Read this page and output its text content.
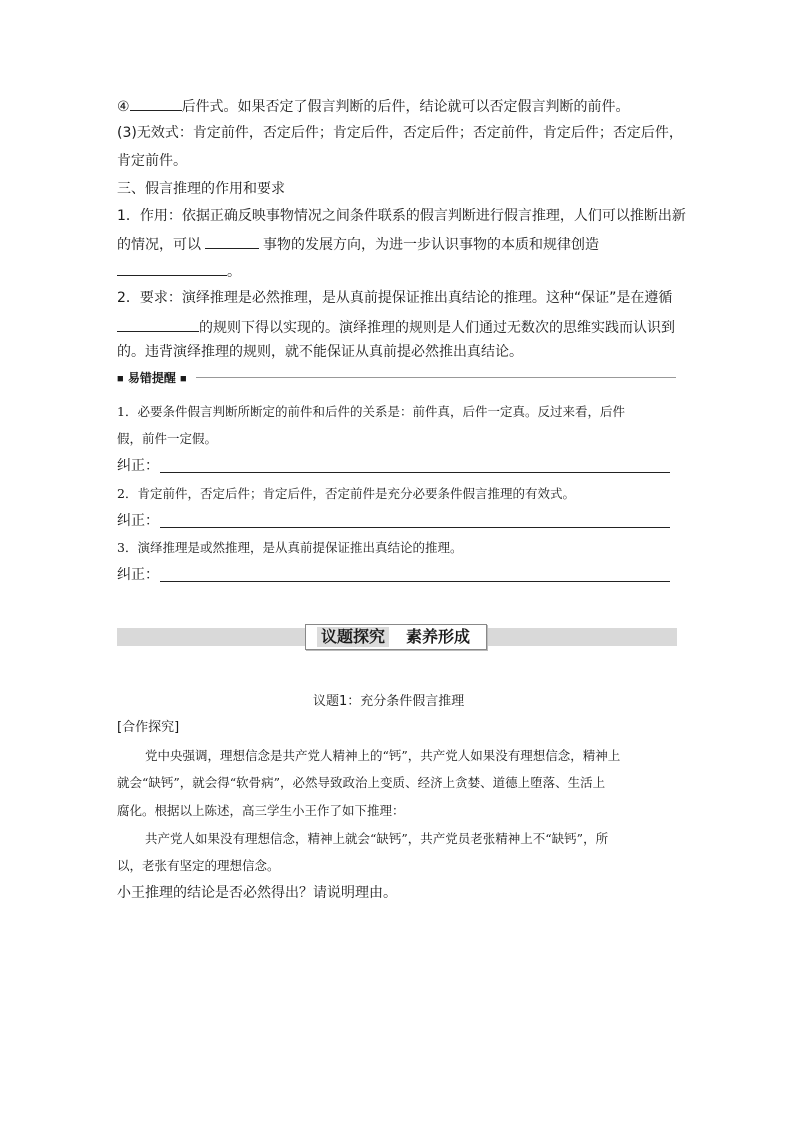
④	后件式。如果否定了假言判断的后件，结论就可以否定假言判断的前件。
(3)无效式：肯定前件，否定后件；肯定后件，否定后件；否定前件，肯定后件；否定后件，
肯定前件。
三、假言推理的作用和要求
1．作用：依据正确反映事物情况之间条件联系的假言判断进行假言推理，人们可以推断出新
的情况，可以	事物的发展方向，为进一步认识事物的本质和规律创造
。
2．要求：演绎推理是必然推理，是从真前提保证推出真结论的推理。这种“保证”是在遵循
的规则下得以实现的。演绎推理的规则是人们通过无数次的思维实践而认识到
的。违背演绎推理的规则，就不能保证从真前提必然推出真结论。
■ 易错提醒 ■
1．必要条件假言判断所断定的前件和后件的关系是：前件真，后件一定真。反过来看，后件
假，前件一定假。
纠正：
2．肯定前件，否定后件；肯定后件，否定前件是充分必要条件假言推理的有效式。
纠正：
3．演绎推理是或然推理，是从真前提保证推出真结论的推理。
纠正：
议题探究 素养形成
议题1：充分条件假言推理
[合作探究]
党中央强调，理想信念是共产党人精神上的“钙”，共产党人如果没有理想信念，精神上
就会“缺钙”，就会得“软骨病”，必然导致政治上变质、经济上贪婪、道德上堕落、生活上
腐化。根据以上陈述，高三学生小王作了如下推理：
共产党人如果没有理想信念，精神上就会“缺钙”，共产党员老张精神上不“缺钙”，所
以，老张有坚定的理想信念。
小王推理的结论是否必然得出？请说明理由。
